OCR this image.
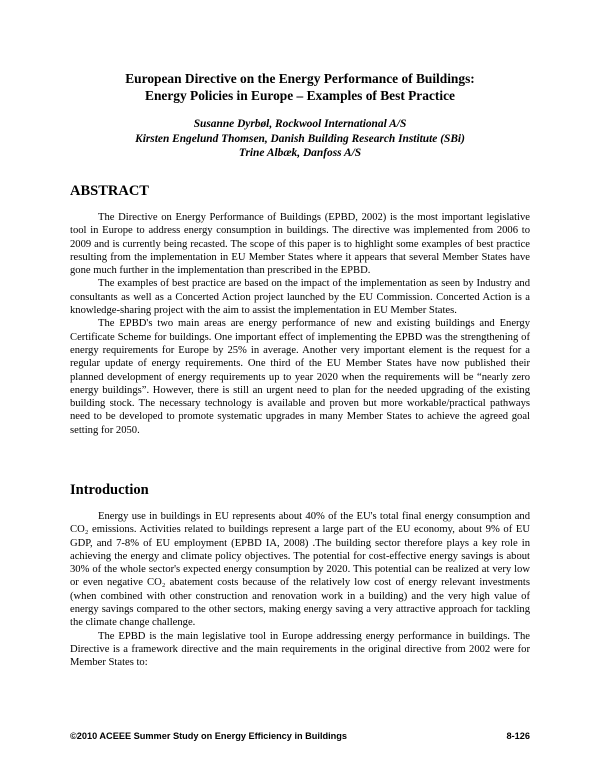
European Directive on the Energy Performance of Buildings:
Energy Policies in Europe – Examples of Best Practice
Susanne Dyrbøl, Rockwool International A/S
Kirsten Engelund Thomsen, Danish Building Research Institute (SBi)
Trine Albæk, Danfoss A/S
ABSTRACT

The Directive on Energy Performance of Buildings (EPBD, 2002) is the most important legislative tool in Europe to address energy consumption in buildings. The directive was implemented from 2006 to 2009 and is currently being recasted. The scope of this paper is to highlight some examples of best practice resulting from the implementation in EU Member States where it appears that several Member States have gone much further in the implementation than prescribed in the EPBD.

The examples of best practice are based on the impact of the implementation as seen by Industry and consultants as well as a Concerted Action project launched by the EU Commission. Concerted Action is a knowledge-sharing project with the aim to assist the implementation in EU Member States.

The EPBD's two main areas are energy performance of new and existing buildings and Energy Certificate Scheme for buildings. One important effect of implementing the EPBD was the strengthening of energy requirements for Europe by 25% in average. Another very important element is the request for a regular update of energy requirements. One third of the EU Member States have now published their planned development of energy requirements up to year 2020 when the requirements will be “nearly zero energy buildings”. However, there is still an urgent need to plan for the needed upgrading of the existing building stock. The necessary technology is available and proven but more workable/practical pathways need to be developed to promote systematic upgrades in many Member States to achieve the agreed goal setting for 2050.

Introduction

Energy use in buildings in EU represents about 40% of the EU's total final energy consumption and CO₂ emissions. Activities related to buildings represent a large part of the EU economy, about 9% of EU GDP, and 7-8% of EU employment (EPBD IA, 2008) .The building sector therefore plays a key role in achieving the energy and climate policy objectives. The potential for cost-effective energy savings is about 30% of the whole sector's expected energy consumption by 2020. This potential can be realized at very low or even negative CO₂ abatement costs because of the relatively low cost of energy relevant investments (when combined with other construction and renovation work in a building) and the very high value of energy savings compared to the other sectors, making energy saving a very attractive approach for tackling the climate change challenge.

The EPBD is the main legislative tool in Europe addressing energy performance in buildings. The Directive is a framework directive and the main requirements in the original directive from 2002 were for Member States to:

©2010 ACEEE Summer Study on Energy Efficiency in Buildings	8-126
